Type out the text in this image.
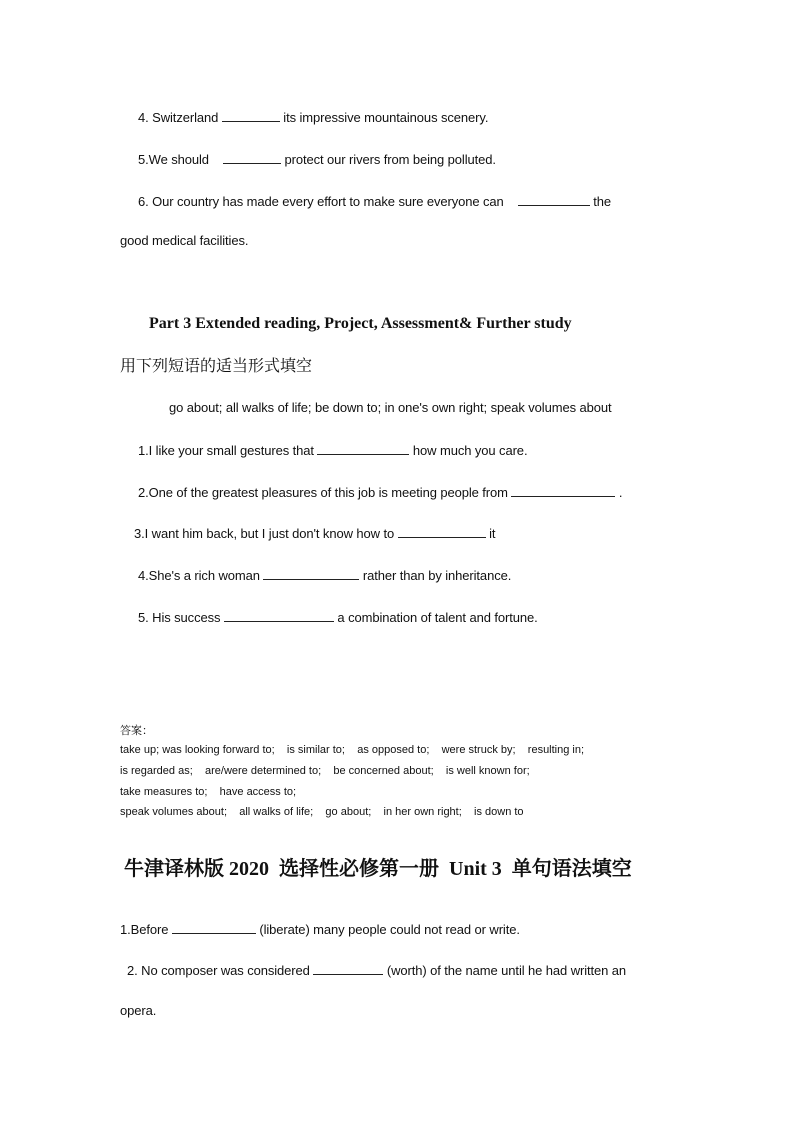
4. Switzerland	its impressive mountainous scenery.
5.We should	protect our rivers from being polluted.
6. Our country has made every effort to make sure everyone can	the
good medical facilities.
Part 3 Extended reading, Project, Assessment& Further study
用下列短语的适当形式填空
go about; all walks of life; be down to; in one's own right; speak volumes about
1.I like your small gestures that	how much you care.
2.One of the greatest pleasures of this job is meeting people from	.
3.I want him back, but I just don't know how to	it
4.She's a rich woman	rather than by inheritance.
5. His success	a combination of talent and fortune.
答案：
take up; was looking forward to;    is similar to;    as opposed to;    were struck by;    resulting in;
is regarded as;    are/were determined to;    be concerned about;    is well known for;
take measures to;    have access to;
speak volumes about;    all walks of life;    go about;    in her own right;    is down to
牛津译林版 2020  选择性必修第一册  Unit 3  单句语法填空
1.Before	(liberate) many people could not read or write.
2. No composer was considered	(worth) of the name until he had written an
opera.
